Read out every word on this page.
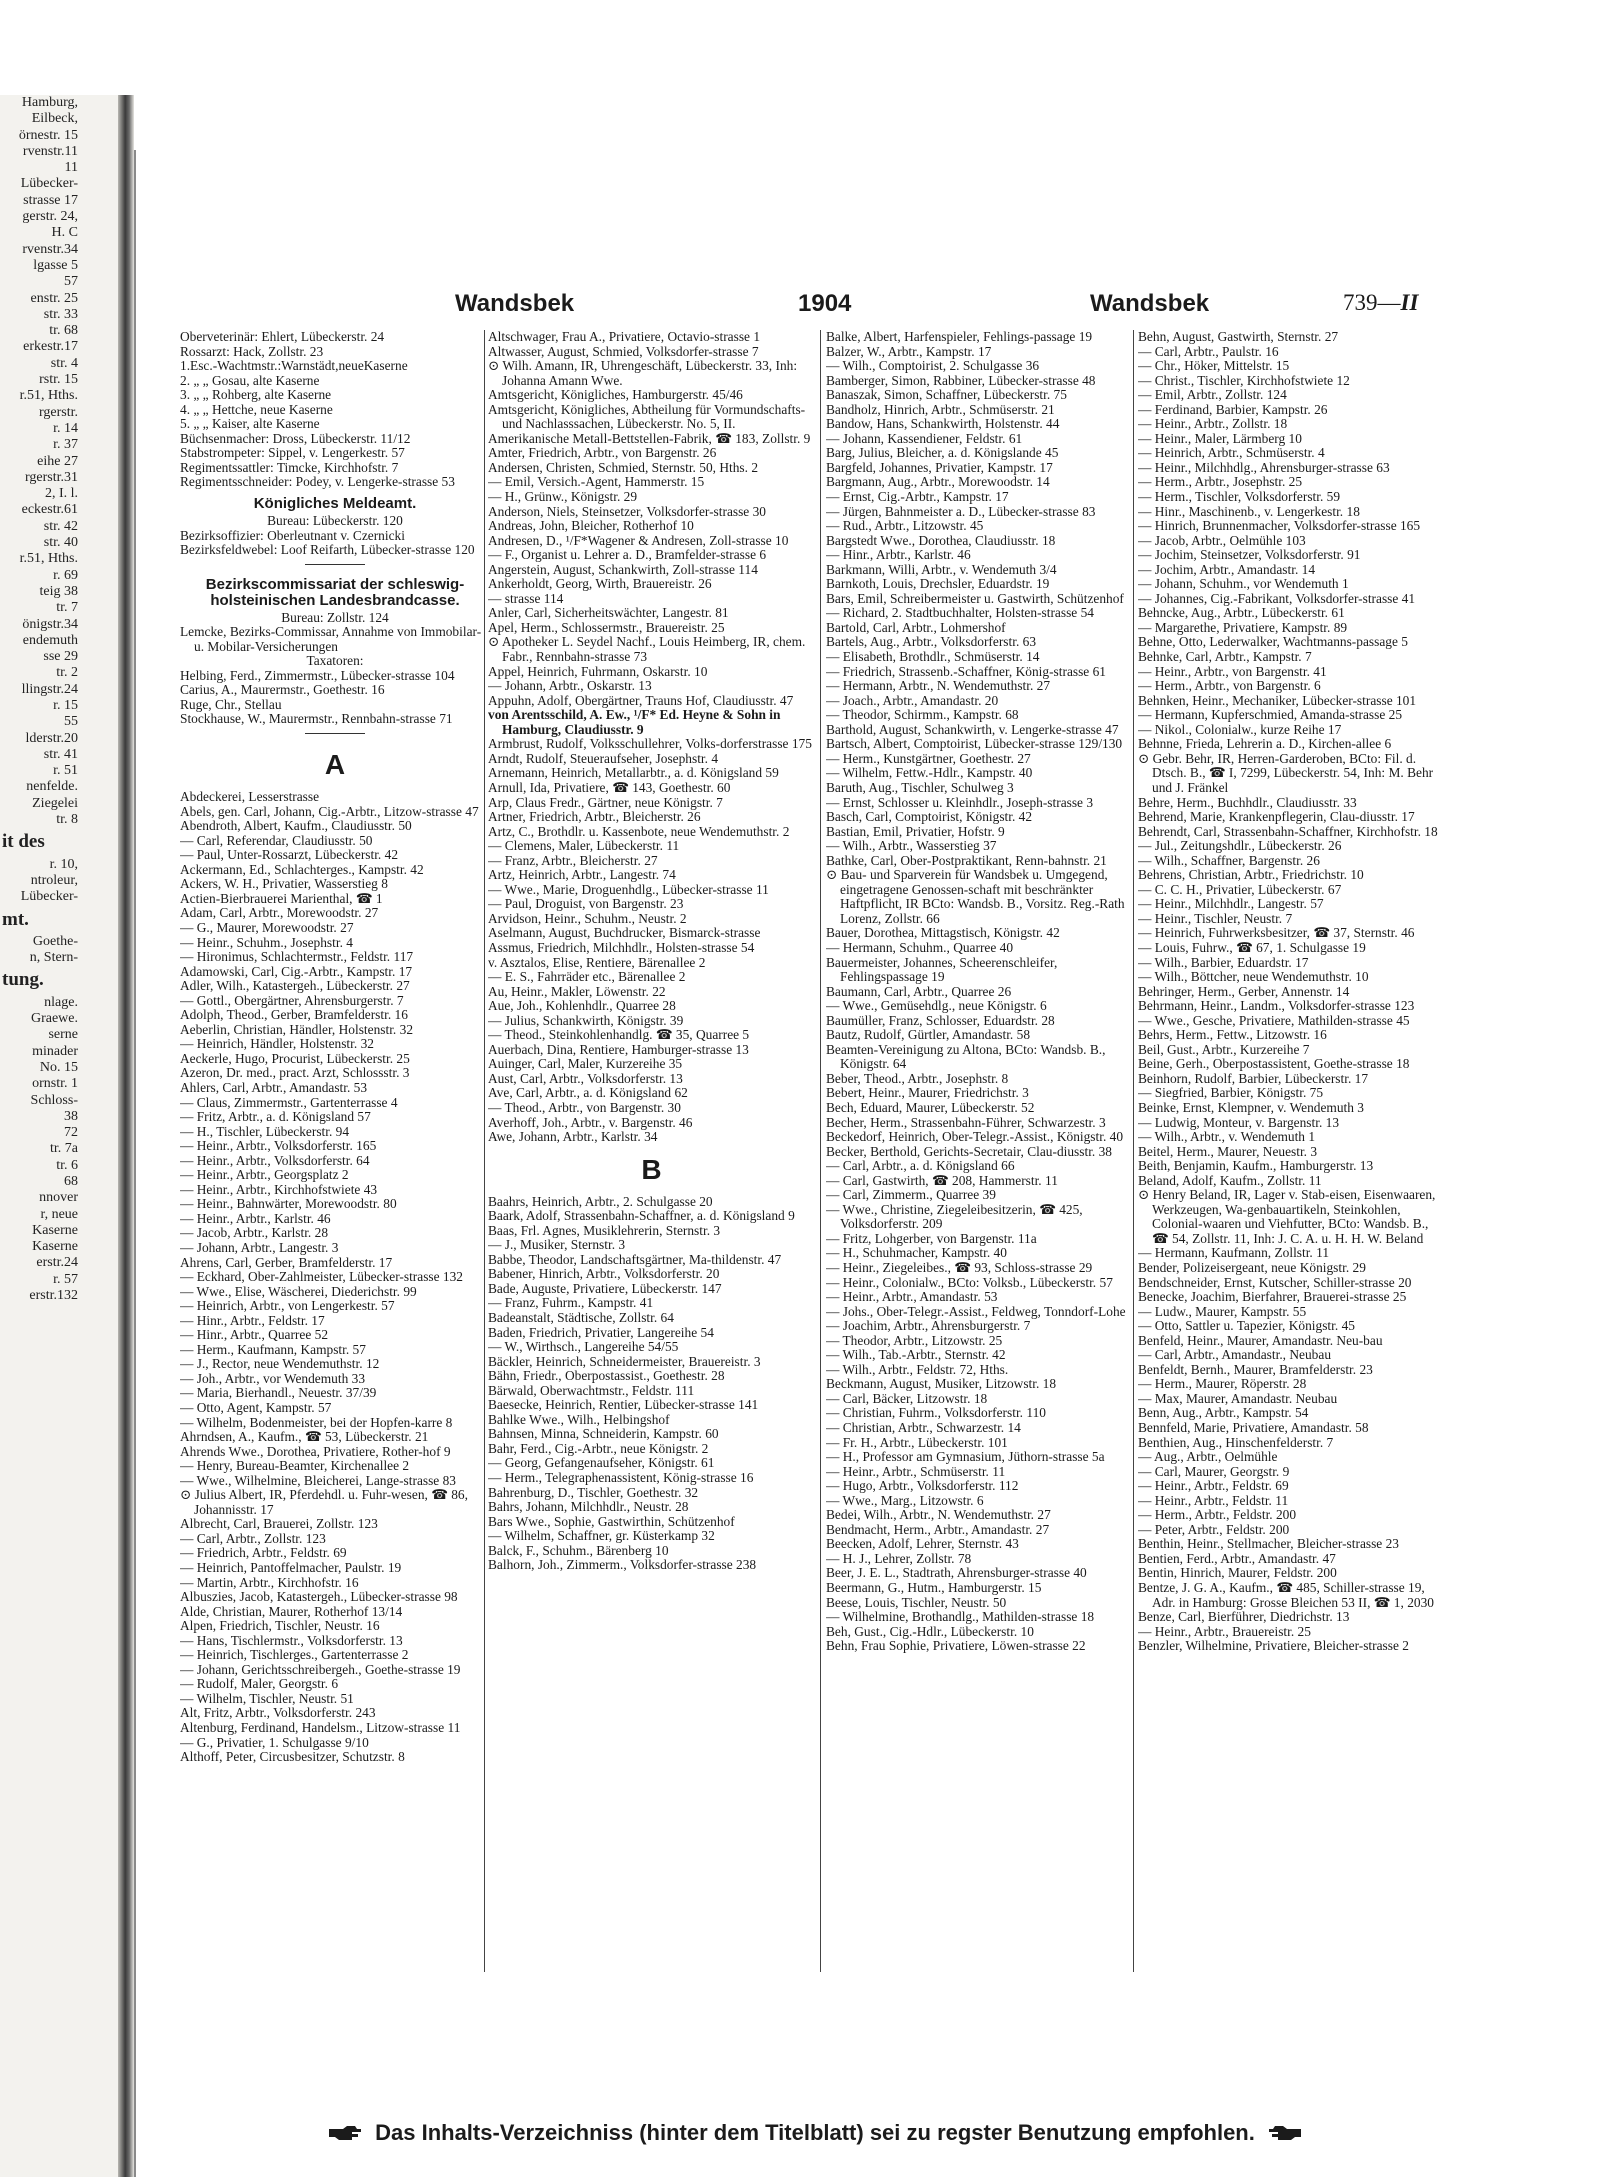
Hamburg,
Eilbeck,
örnestr. 15
rvenstr.11
11
Lübecker-
strasse 17
gerstr. 24,
H. C
rvenstr.34
lgasse 5
57
enstr. 25
str. 33
tr. 68
erkestr.17
str. 4
rstr. 15
r.51, Hths.
rgerstr.
r. 14
r. 37
eihe 27
rgerstr.31
2, I. l.
eckestr.61
str. 42
str. 40
r.51, Hths.
r. 69
teig 38
tr. 7
önigstr.34
endemuth
sse 29
tr. 2
llingstr.24
r. 15
55
lderstr.20
str. 41
r. 51
nenfelde.
Ziegelei
tr. 8
it des
r. 10,
ntroleur,
Lübecker-
mt.
Goethe-
n, Stern-
tung.
nlage.
Graewe.
serne
minader
No. 15
ornstr. 1
Schloss-
38
72
tr. 7a
tr. 6
68
nnover
r, neue
Kaserne
Kaserne
erstr.24
r. 57
erstr.132
Wandsbek	1904	Wandsbek	739—II

Oberveterinär: Ehlert, Lübeckerstr. 24

Rossarzt: Hack, Zollstr. 23

1.Esc.-Wachtmstr.:Warnstädt,neueKaserne

2. „ „ Gosau, alte Kaserne

3. „ „ Rohberg, alte Kaserne

4. „ „ Hettche, neue Kaserne

5. „ „ Kaiser, alte Kaserne

Büchsenmacher: Dross, Lübeckerstr. 11/12

Stabstrompeter: Sippel, v. Lengerkestr. 57

Regimentssattler: Timcke, Kirchhofstr. 7

Regimentsschneider: Podey, v. Lengerke-strasse 53

Königliches Meldeamt.

Bureau: Lübeckerstr. 120

Bezirksoffizier: Oberleutnant v. Czernicki

Bezirksfeldwebel: Loof Reifarth, Lübecker-strasse 120

Bezirkscommissariat der schleswig-holsteinischen Landesbrandcasse.

Bureau: Zollstr. 124

Lemcke, Bezirks-Commissar, Annahme von Immobilar- u. Mobilar-Versicherungen

Taxatoren:

Helbing, Ferd., Zimmermstr., Lübecker-strasse 104

Carius, A., Maurermstr., Goethestr. 16

Ruge, Chr., Stellau

Stockhause, W., Maurermstr., Rennbahn-strasse 71

A

Abdeckerei, Lesserstrasse

Abels, gen. Carl, Johann, Cig.-Arbtr., Litzow-strasse 47

Abendroth, Albert, Kaufm., Claudiusstr. 50

— Carl, Referendar, Claudiusstr. 50

— Paul, Unter-Rossarzt, Lübeckerstr. 42

Ackermann, Ed., Schlachterges., Kampstr. 42

Ackers, W. H., Privatier, Wasserstieg 8

Actien-Bierbrauerei Marienthal, ☎ 1

Adam, Carl, Arbtr., Morewoodstr. 27

— G., Maurer, Morewoodstr. 27

— Heinr., Schuhm., Josephstr. 4

— Hironimus, Schlachtermstr., Feldstr. 117

Adamowski, Carl, Cig.-Arbtr., Kampstr. 17

Adler, Wilh., Katastergeh., Lübeckerstr. 27

— Gottl., Obergärtner, Ahrensburgerstr. 7

Adolph, Theod., Gerber, Bramfelderstr. 16

Aeberlin, Christian, Händler, Holstenstr. 32

— Heinrich, Händler, Holstenstr. 32

Aeckerle, Hugo, Procurist, Lübeckerstr. 25

Azeron, Dr. med., pract. Arzt, Schlossstr. 3

Ahlers, Carl, Arbtr., Amandastr. 53

— Claus, Zimmermstr., Gartenterrasse 4

— Fritz, Arbtr., a. d. Königsland 57

— H., Tischler, Lübeckerstr. 94

— Heinr., Arbtr., Volksdorferstr. 165

— Heinr., Arbtr., Volksdorferstr. 64

— Heinr., Arbtr., Georgsplatz 2

— Heinr., Arbtr., Kirchhofstwiete 43

— Heinr., Bahnwärter, Morewoodstr. 80

— Heinr., Arbtr., Karlstr. 46

— Jacob, Arbtr., Karlstr. 28

— Johann, Arbtr., Langestr. 3

Ahrens, Carl, Gerber, Bramfelderstr. 17

— Eckhard, Ober-Zahlmeister, Lübecker-strasse 132

— Wwe., Elise, Wäscherei, Diederichstr. 99

— Heinrich, Arbtr., von Lengerkestr. 57

— Hinr., Arbtr., Feldstr. 17

— Hinr., Arbtr., Quarree 52

— Herm., Kaufmann, Kampstr. 57

— J., Rector, neue Wendemuthstr. 12

— Joh., Arbtr., vor Wendemuth 33

— Maria, Bierhandl., Neuestr. 37/39

— Otto, Agent, Kampstr. 57

— Wilhelm, Bodenmeister, bei der Hopfen-karre 8

Ahrndsen, A., Kaufm., ☎ 53, Lübeckerstr. 21

Ahrends Wwe., Dorothea, Privatiere, Rother-hof 9

— Henry, Bureau-Beamter, Kirchenallee 2

— Wwe., Wilhelmine, Bleicherei, Lange-strasse 83

⊙ Julius Albert, IR, Pferdehdl. u. Fuhr-wesen, ☎ 86, Johannisstr. 17

Albrecht, Carl, Brauerei, Zollstr. 123

— Carl, Arbtr., Zollstr. 123

— Friedrich, Arbtr., Feldstr. 69

— Heinrich, Pantoffelmacher, Paulstr. 19

— Martin, Arbtr., Kirchhofstr. 16

Albuszies, Jacob, Katastergeh., Lübecker-strasse 98

Alde, Christian, Maurer, Rotherhof 13/14

Alpen, Friedrich, Tischler, Neustr. 16

— Hans, Tischlermstr., Volksdorferstr. 13

— Heinrich, Tischlerges., Gartenterrasse 2

— Johann, Gerichtsschreibergeh., Goethe-strasse 19

— Rudolf, Maler, Georgstr. 6

— Wilhelm, Tischler, Neustr. 51

Alt, Fritz, Arbtr., Volksdorferstr. 243

Altenburg, Ferdinand, Handelsm., Litzow-strasse 11

— G., Privatier, 1. Schulgasse 9/10

Althoff, Peter, Circusbesitzer, Schutzstr. 8

Altschwager, Frau A., Privatiere, Octavio-strasse 1

Altwasser, August, Schmied, Volksdorfer-strasse 7

⊙ Wilh. Amann, IR, Uhrengeschäft, Lübeckerstr. 33, Inh: Johanna Amann Wwe.

Amtsgericht, Königliches, Hamburgerstr. 45/46

Amtsgericht, Königliches, Abtheilung für Vormundschafts- und Nachlasssachen, Lübeckerstr. No. 5, II.

Amerikanische Metall-Bettstellen-Fabrik, ☎ 183, Zollstr. 9

Amter, Friedrich, Arbtr., von Bargenstr. 26

Andersen, Christen, Schmied, Sternstr. 50, Hths. 2

— Emil, Versich.-Agent, Hammerstr. 15

— H., Grünw., Königstr. 29

Anderson, Niels, Steinsetzer, Volksdorfer-strasse 30

Andreas, John, Bleicher, Rotherhof 10

Andresen, D., ¹/F*Wagener & Andresen, Zoll-strasse 10

— F., Organist u. Lehrer a. D., Bramfelder-strasse 6

Angerstein, August, Schankwirth, Zoll-strasse 114

Ankerholdt, Georg, Wirth, Brauereistr. 26

— strasse 114

Anler, Carl, Sicherheitswächter, Langestr. 81

Apel, Herm., Schlossermstr., Brauereistr. 25

⊙ Apotheker L. Seydel Nachf., Louis Heimberg, IR, chem. Fabr., Rennbahn-strasse 73

Appel, Heinrich, Fuhrmann, Oskarstr. 10

— Johann, Arbtr., Oskarstr. 13

Appuhn, Adolf, Obergärtner, Trauns Hof, Claudiusstr. 47

von Arentsschild, A. Ew., ¹/F* Ed. Heyne & Sohn in Hamburg, Claudiusstr. 9

Armbrust, Rudolf, Volksschullehrer, Volks-dorferstrasse 175

Arndt, Rudolf, Steueraufseher, Josephstr. 4

Arnemann, Heinrich, Metallarbtr., a. d. Königsland 59

Arnull, Ida, Privatiere, ☎ 143, Goethestr. 60

Arp, Claus Fredr., Gärtner, neue Königstr. 7

Artner, Friedrich, Arbtr., Bleicherstr. 26

Artz, C., Brothdlr. u. Kassenbote, neue Wendemuthstr. 2

— Clemens, Maler, Lübeckerstr. 11

— Franz, Arbtr., Bleicherstr. 27

Artz, Heinrich, Arbtr., Langestr. 74

— Wwe., Marie, Droguenhdlg., Lübecker-strasse 11

— Paul, Droguist, von Bargenstr. 23

Arvidson, Heinr., Schuhm., Neustr. 2

Aselmann, August, Buchdrucker, Bismarck-strasse

Assmus, Friedrich, Milchhdlr., Holsten-strasse 54

v. Asztalos, Elise, Rentiere, Bärenallee 2

— E. S., Fahrräder etc., Bärenallee 2

Au, Heinr., Makler, Löwenstr. 22

Aue, Joh., Kohlenhdlr., Quarree 28

— Julius, Schankwirth, Königstr. 39

— Theod., Steinkohlenhandlg. ☎ 35, Quarree 5

Auerbach, Dina, Rentiere, Hamburger-strasse 13

Auinger, Carl, Maler, Kurzereihe 35

Aust, Carl, Arbtr., Volksdorferstr. 13

Ave, Carl, Arbtr., a. d. Königsland 62

— Theod., Arbtr., von Bargenstr. 30

Averhoff, Joh., Arbtr., v. Bargenstr. 46

Awe, Johann, Arbtr., Karlstr. 34

B

Baahrs, Heinrich, Arbtr., 2. Schulgasse 20

Baark, Adolf, Strassenbahn-Schaffner, a. d. Königsland 9

Baas, Frl. Agnes, Musiklehrerin, Sternstr. 3

— J., Musiker, Sternstr. 3

Babbe, Theodor, Landschaftsgärtner, Ma-thildenstr. 47

Babener, Hinrich, Arbtr., Volksdorferstr. 20

Bade, Auguste, Privatiere, Lübeckerstr. 147

— Franz, Fuhrm., Kampstr. 41

Badeanstalt, Städtische, Zollstr. 64

Baden, Friedrich, Privatier, Langereihe 54

— W., Wirthsch., Langereihe 54/55

Bäckler, Heinrich, Schneidermeister, Brauereistr. 3

Bähn, Friedr., Oberpostassist., Goethestr. 28

Bärwald, Oberwachtmstr., Feldstr. 111

Baesecke, Heinrich, Rentier, Lübecker-strasse 141

Bahlke Wwe., Wilh., Helbingshof

Bahnsen, Minna, Schneiderin, Kampstr. 60

Bahr, Ferd., Cig.-Arbtr., neue Königstr. 2

— Georg, Gefangenaufseher, Königstr. 61

— Herm., Telegraphenassistent, König-strasse 16

Bahrenburg, D., Tischler, Goethestr. 32

Bahrs, Johann, Milchhdlr., Neustr. 28

Bars Wwe., Sophie, Gastwirthin, Schützenhof

— Wilhelm, Schaffner, gr. Küsterkamp 32

Balck, F., Schuhm., Bärenberg 10

Balhorn, Joh., Zimmerm., Volksdorfer-strasse 238

Balke, Albert, Harfenspieler, Fehlings-passage 19

Balzer, W., Arbtr., Kampstr. 17

— Wilh., Comptoirist, 2. Schulgasse 36

Bamberger, Simon, Rabbiner, Lübecker-strasse 48

Banaszak, Simon, Schaffner, Lübeckerstr. 75

Bandholz, Hinrich, Arbtr., Schmüserstr. 21

Bandow, Hans, Schankwirth, Holstenstr. 44

— Johann, Kassendiener, Feldstr. 61

Barg, Julius, Bleicher, a. d. Königslande 45

Bargfeld, Johannes, Privatier, Kampstr. 17

Bargmann, Aug., Arbtr., Morewoodstr. 14

— Ernst, Cig.-Arbtr., Kampstr. 17

— Jürgen, Bahnmeister a. D., Lübecker-strasse 83

— Rud., Arbtr., Litzowstr. 45

Bargstedt Wwe., Dorothea, Claudiusstr. 18

— Hinr., Arbtr., Karlstr. 46

Barkmann, Willi, Arbtr., v. Wendemuth 3/4

Barnkoth, Louis, Drechsler, Eduardstr. 19

Bars, Emil, Schreibermeister u. Gastwirth, Schützenhof

— Richard, 2. Stadtbuchhalter, Holsten-strasse 54

Bartold, Carl, Arbtr., Lohmershof

Bartels, Aug., Arbtr., Volksdorferstr. 63

— Elisabeth, Brothdlr., Schmüserstr. 14

— Friedrich, Strassenb.-Schaffner, König-strasse 61

— Hermann, Arbtr., N. Wendemuthstr. 27

— Joach., Arbtr., Amandastr. 20

— Theodor, Schirmm., Kampstr. 68

Barthold, August, Schankwirth, v. Lengerke-strasse 47

Bartsch, Albert, Comptoirist, Lübecker-strasse 129/130

— Herm., Kunstgärtner, Goethestr. 27

— Wilhelm, Fettw.-Hdlr., Kampstr. 40

Baruth, Aug., Tischler, Schulweg 3

— Ernst, Schlosser u. Kleinhdlr., Joseph-strasse 3

Basch, Carl, Comptoirist, Königstr. 42

Bastian, Emil, Privatier, Hofstr. 9

— Wilh., Arbtr., Wasserstieg 37

Bathke, Carl, Ober-Postpraktikant, Renn-bahnstr. 21

⊙ Bau- und Sparverein für Wandsbek u. Umgegend, eingetragene Genossen-schaft mit beschränkter Haftpflicht, IR BCto: Wandsb. B., Vorsitz. Reg.-Rath Lorenz, Zollstr. 66

Bauer, Dorothea, Mittagstisch, Königstr. 42

— Hermann, Schuhm., Quarree 40

Bauermeister, Johannes, Scheerenschleifer, Fehlingspassage 19

Baumann, Carl, Arbtr., Quarree 26

— Wwe., Gemüsehdlg., neue Königstr. 6

Baumüller, Franz, Schlosser, Eduardstr. 28

Bautz, Rudolf, Gürtler, Amandastr. 58

Beamten-Vereinigung zu Altona, BCto: Wandsb. B., Königstr. 64

Beber, Theod., Arbtr., Josephstr. 8

Bebert, Heinr., Maurer, Friedrichstr. 3

Bech, Eduard, Maurer, Lübeckerstr. 52

Becher, Herm., Strassenbahn-Führer, Schwarzestr. 3

Beckedorf, Heinrich, Ober-Telegr.-Assist., Königstr. 40

Becker, Berthold, Gerichts-Secretair, Clau-diusstr. 38

— Carl, Arbtr., a. d. Königsland 66

— Carl, Gastwirth, ☎ 208, Hammerstr. 11

— Carl, Zimmerm., Quarree 39

— Wwe., Christine, Ziegeleibesitzerin, ☎ 425, Volksdorferstr. 209

— Fritz, Lohgerber, von Bargenstr. 11a

— H., Schuhmacher, Kampstr. 40

— Heinr., Ziegeleibes., ☎ 93, Schloss-strasse 29

— Heinr., Colonialw., BCto: Volksb., Lübeckerstr. 57

— Heinr., Arbtr., Amandastr. 53

— Johs., Ober-Telegr.-Assist., Feldweg, Tonndorf-Lohe

— Joachim, Arbtr., Ahrensburgerstr. 7

— Theodor, Arbtr., Litzowstr. 25

— Wilh., Tab.-Arbtr., Sternstr. 42

— Wilh., Arbtr., Feldstr. 72, Hths.

Beckmann, August, Musiker, Litzowstr. 18

— Carl, Bäcker, Litzowstr. 18

— Christian, Fuhrm., Volksdorferstr. 110

— Christian, Arbtr., Schwarzestr. 14

— Fr. H., Arbtr., Lübeckerstr. 101

— H., Professor am Gymnasium, Jüthorn-strasse 5a

— Heinr., Arbtr., Schmüserstr. 11

— Hugo, Arbtr., Volksdorferstr. 112

— Wwe., Marg., Litzowstr. 6

Bedei, Wilh., Arbtr., N. Wendemuthstr. 27

Bendmacht, Herm., Arbtr., Amandastr. 27

Beecken, Adolf, Lehrer, Sternstr. 43

— H. J., Lehrer, Zollstr. 78

Beer, J. E. L., Stadtrath, Ahrensburger-strasse 40

Beermann, G., Hutm., Hamburgerstr. 15

Beese, Louis, Tischler, Neustr. 50

— Wilhelmine, Brothandlg., Mathilden-strasse 18

Beh, Gust., Cig.-Hdlr., Lübeckerstr. 10

Behn, Frau Sophie, Privatiere, Löwen-strasse 22

Behn, August, Gastwirth, Sternstr. 27

— Carl, Arbtr., Paulstr. 16

— Chr., Höker, Mittelstr. 15

— Christ., Tischler, Kirchhofstwiete 12

— Emil, Arbtr., Zollstr. 124

— Ferdinand, Barbier, Kampstr. 26

— Heinr., Arbtr., Zollstr. 18

— Heinr., Maler, Lärmberg 10

— Heinrich, Arbtr., Schmüserstr. 4

— Heinr., Milchhdlg., Ahrensburger-strasse 63

— Herm., Arbtr., Josephstr. 25

— Herm., Tischler, Volksdorferstr. 59

— Hinr., Maschinenb., v. Lengerkestr. 18

— Hinrich, Brunnenmacher, Volksdorfer-strasse 165

— Jacob, Arbtr., Oelmühle 103

— Jochim, Steinsetzer, Volksdorferstr. 91

— Jochim, Arbtr., Amandastr. 14

— Johann, Schuhm., vor Wendemuth 1

— Johannes, Cig.-Fabrikant, Volksdorfer-strasse 41

Behncke, Aug., Arbtr., Lübeckerstr. 61

— Margarethe, Privatiere, Kampstr. 89

Behne, Otto, Lederwalker, Wachtmanns-passage 5

Behnke, Carl, Arbtr., Kampstr. 7

— Heinr., Arbtr., von Bargenstr. 41

— Herm., Arbtr., von Bargenstr. 6

Behnken, Heinr., Mechaniker, Lübecker-strasse 101

— Hermann, Kupferschmied, Amanda-strasse 25

— Nikol., Colonialw., kurze Reihe 17

Behnne, Frieda, Lehrerin a. D., Kirchen-allee 6

⊙ Gebr. Behr, IR, Herren-Garderoben, BCto: Fil. d. Dtsch. B., ☎ I, 7299, Lübeckerstr. 54, Inh: M. Behr und J. Fränkel

Behre, Herm., Buchhdlr., Claudiusstr. 33

Behrend, Marie, Krankenpflegerin, Clau-diusstr. 17

Behrendt, Carl, Strassenbahn-Schaffner, Kirchhofstr. 18

— Jul., Zeitungshdlr., Lübeckerstr. 26

— Wilh., Schaffner, Bargenstr. 26

Behrens, Christian, Arbtr., Friedrichstr. 10

— C. C. H., Privatier, Lübeckerstr. 67

— Heinr., Milchhdlr., Langestr. 57

— Heinr., Tischler, Neustr. 7

— Heinrich, Fuhrwerksbesitzer, ☎ 37, Sternstr. 46

— Louis, Fuhrw., ☎ 67, 1. Schulgasse 19

— Wilh., Barbier, Eduardstr. 17

— Wilh., Böttcher, neue Wendemuthstr. 10

Behringer, Herm., Gerber, Annenstr. 14

Behrmann, Heinr., Landm., Volksdorfer-strasse 123

— Wwe., Gesche, Privatiere, Mathilden-strasse 45

Behrs, Herm., Fettw., Litzowstr. 16

Beil, Gust., Arbtr., Kurzereihe 7

Beine, Gerh., Oberpostassistent, Goethe-strasse 18

Beinhorn, Rudolf, Barbier, Lübeckerstr. 17

— Siegfried, Barbier, Königstr. 75

Beinke, Ernst, Klempner, v. Wendemuth 3

— Ludwig, Monteur, v. Bargenstr. 13

— Wilh., Arbtr., v. Wendemuth 1

Beitel, Herm., Maurer, Neuestr. 3

Beith, Benjamin, Kaufm., Hamburgerstr. 13

Beland, Adolf, Kaufm., Zollstr. 11

⊙ Henry Beland, IR, Lager v. Stab-eisen, Eisenwaaren, Werkzeugen, Wa-genbauartikeln, Steinkohlen, Colonial-waaren und Viehfutter, BCto: Wandsb. B., ☎ 54, Zollstr. 11, Inh: J. C. A. u. H. H. W. Beland

— Hermann, Kaufmann, Zollstr. 11

Bender, Polizeisergeant, neue Königstr. 29

Bendschneider, Ernst, Kutscher, Schiller-strasse 20

Benecke, Joachim, Bierfahrer, Brauerei-strasse 25

— Ludw., Maurer, Kampstr. 55

— Otto, Sattler u. Tapezier, Königstr. 45

Benfeld, Heinr., Maurer, Amandastr. Neu-bau

— Carl, Arbtr., Amandastr., Neubau

Benfeldt, Bernh., Maurer, Bramfelderstr. 23

— Herm., Maurer, Röperstr. 28

— Max, Maurer, Amandastr. Neubau

Benn, Aug., Arbtr., Kampstr. 54

Bennfeld, Marie, Privatiere, Amandastr. 58

Benthien, Aug., Hinschenfelderstr. 7

— Aug., Arbtr., Oelmühle

— Carl, Maurer, Georgstr. 9

— Heinr., Arbtr., Feldstr. 69

— Heinr., Arbtr., Feldstr. 11

— Herm., Arbtr., Feldstr. 200

— Peter, Arbtr., Feldstr. 200

Benthin, Heinr., Stellmacher, Bleicher-strasse 23

Bentien, Ferd., Arbtr., Amandastr. 47

Bentin, Hinrich, Maurer, Feldstr. 200

Bentze, J. G. A., Kaufm., ☎ 485, Schiller-strasse 19, Adr. in Hamburg: Grosse Bleichen 53 II, ☎ 1, 2030

Benze, Carl, Bierführer, Diedrichstr. 13

— Heinr., Arbtr., Brauereistr. 25

Benzler, Wilhelmine, Privatiere, Bleicher-strasse 2

Das Inhalts-Verzeichniss (hinter dem Titelblatt) sei zu regster Benutzung empfohlen.
